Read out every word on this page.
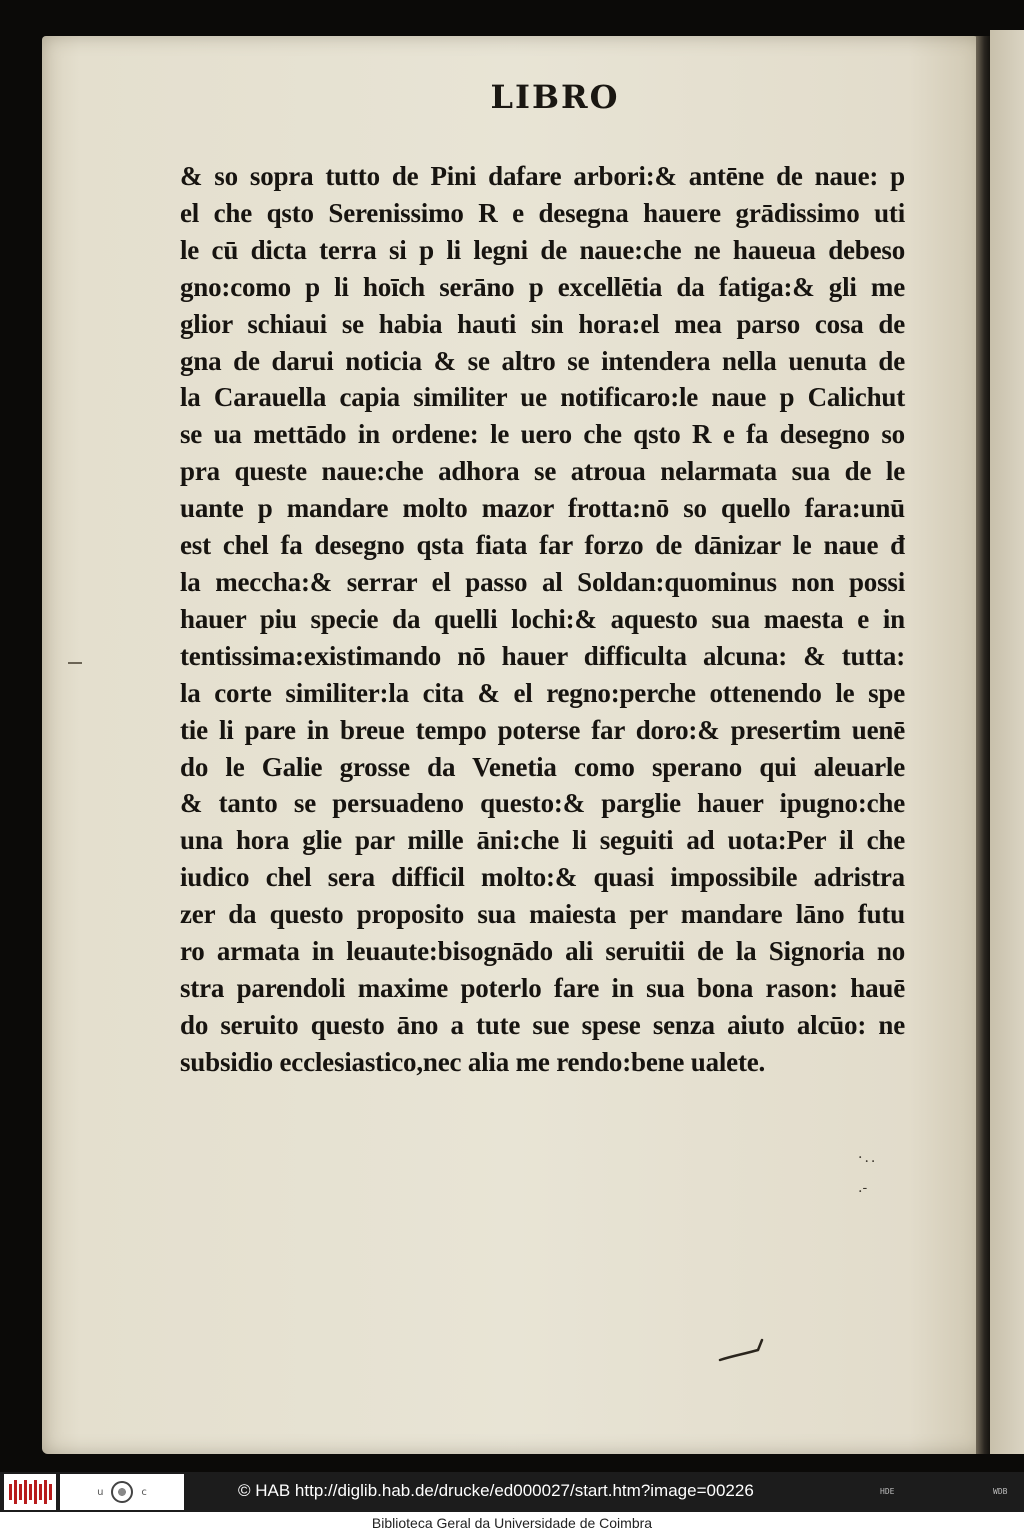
LIBRO
& so sopra tutto de Pini dafare arbori:& antēne de naue: p
el che qsto Serenissimo R e desegna hauere grādissimo uti
le cū dicta terra si p li legni de naue:che ne haueua debeso
gno:como p li hoīch serāno p excellētia da fatiga:& gli me
glior schiaui se habia hauti sin hora:el mea parso cosa de
gna de darui noticia & se altro se intendera nella uenuta de
la Carauella capia similiter ue notificaro:le naue p Calichut
se ua mettādo in ordene: le uero che qsto R e fa desegno so
pra queste naue:che adhora se atroua nelarmata sua de le
uante p mandare molto mazor frotta:nō so quello fara:unū
est chel fa desegno qsta fiata far forzo de dānizar le naue đ
la meccha:& serrar el passo al Soldan:quominus non possi
hauer piu specie da quelli lochi:& aquesto sua maesta e in
tentissima:existimando nō hauer difficulta alcuna: & tutta:
la corte similiter:la cita & el regno:perche ottenendo le spe
tie li pare in breue tempo poterse far doro:& presertim uenē
do le Galie grosse da Venetia como sperano qui aleuarle
& tanto se persuadeno questo:& parglie hauer ipugno:che
una hora glie par mille āni:che li seguiti ad uota:Per il che
iudico chel sera difficil molto:& quasi impossibile adristra
zer da questo proposito sua maiesta per mandare lāno futu
ro armata in leuaute:bisognādo ali seruitii de la Signoria no
stra parendoli maxime poterlo fare in sua bona rason: hauē
do seruito questo āno a tute sue spese senza aiuto alcūo: ne
subsidio ecclesiastico,nec alia me rendo:bene ualete.
·..
.-
u	c	© HAB http://diglib.hab.de/drucke/ed000027/start.htm?image=00226	HDE	WDB
Biblioteca Geral da Universidade de Coimbra
